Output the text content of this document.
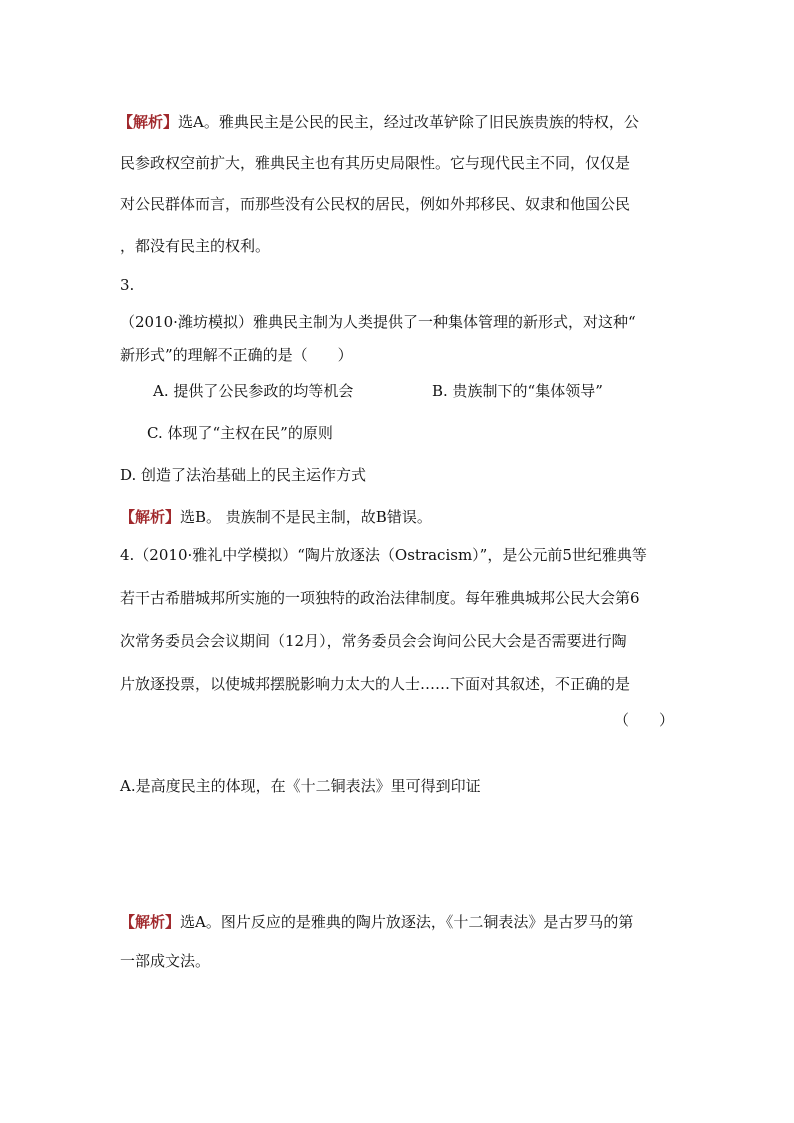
【解析】选A。雅典民主是公民的民主，经过改革铲除了旧民族贵族的特权，公
民参政权空前扩大，雅典民主也有其历史局限性。它与现代民主不同，仅仅是
对公民群体而言，而那些没有公民权的居民，例如外邦移民、奴隶和他国公民
，都没有民主的权利。
3.
（2010·潍坊模拟）雅典民主制为人类提供了一种集体管理的新形式，对这种“
新形式”的理解不正确的是（　　）
A. 提供了公民参政的均等机会	B. 贵族制下的“集体领导”
C. 体现了“主权在民”的原则
D. 创造了法治基础上的民主运作方式
【解析】选B。 贵族制不是民主制，故B错误。
4.（2010·雅礼中学模拟）“陶片放逐法（Ostracism）”，是公元前5世纪雅典等
若干古希腊城邦所实施的一项独特的政治法律制度。每年雅典城邦公民大会第6
次常务委员会会议期间（12月），常务委员会会询问公民大会是否需要进行陶
片放逐投票，以使城邦摆脱影响力太大的人士……下面对其叙述，不正确的是
（　　）
A.是高度民主的体现，在《十二铜表法》里可得到印证
【解析】选A。图片反应的是雅典的陶片放逐法，《十二铜表法》是古罗马的第
一部成文法。
